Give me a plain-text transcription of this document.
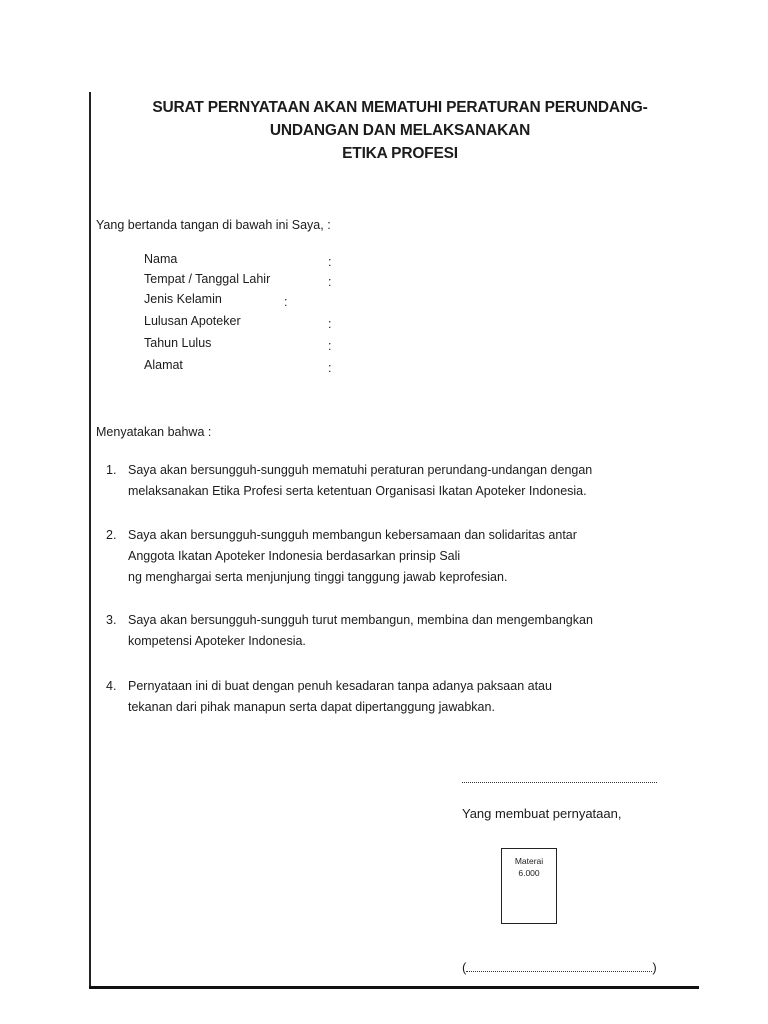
SURAT PERNYATAAN AKAN MEMATUHI PERATURAN PERUNDANG-
UNDANGAN DAN MELAKSANAKAN
ETIKA PROFESI
Yang bertanda tangan di bawah ini Saya, :
Nama	:
Tempat / Tanggal Lahir	:
Jenis Kelamin	:
Lulusan Apoteker	:
Tahun Lulus	:
Alamat	:
Menyatakan bahwa :
1. Saya akan bersungguh-sungguh mematuhi peraturan perundang-undangan dengan
melaksanakan Etika Profesi serta ketentuan Organisasi Ikatan Apoteker Indonesia.
2. Saya akan bersungguh-sungguh membangun kebersamaan dan solidaritas antar
Anggota Ikatan Apoteker Indonesia berdasarkan prinsip Sali
ng menghargai serta menjunjung tinggi tanggung jawab keprofesian.
3. Saya akan bersungguh-sungguh turut membangun, membina dan mengembangkan
kompetensi Apoteker Indonesia.
4. Pernyataan ini di buat dengan penuh kesadaran tanpa adanya paksaan atau
tekanan dari pihak manapun serta dapat dipertanggung jawabkan.
Yang membuat pernyataan,
Materai
6.000
(	)
